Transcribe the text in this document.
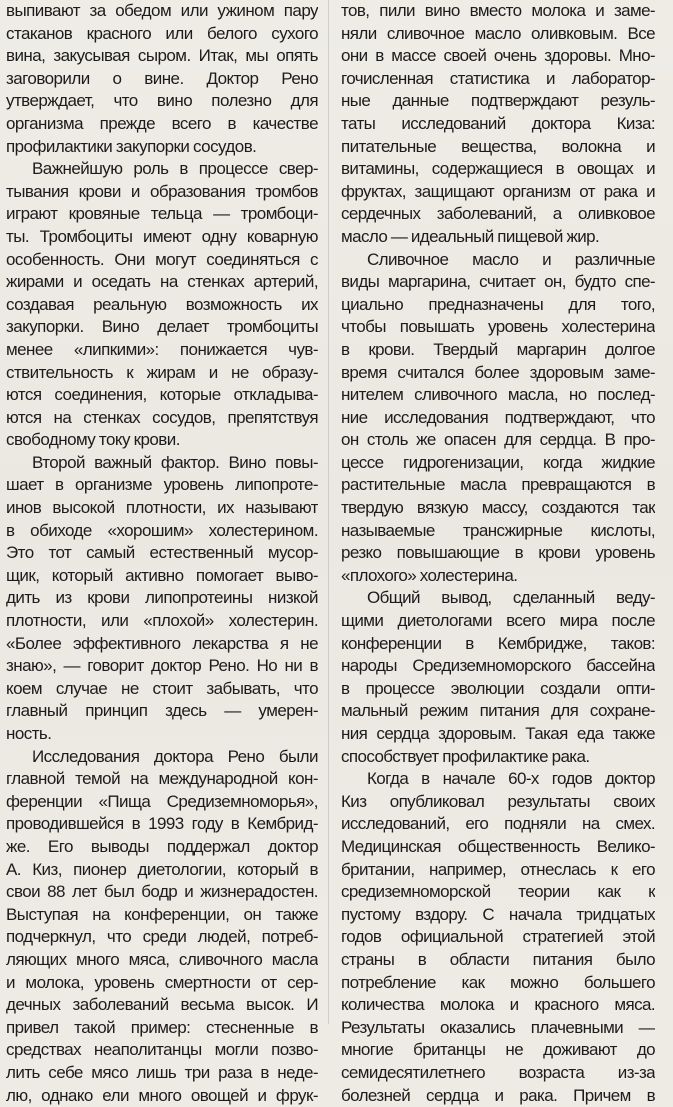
выпивают за обедом или ужином пару

стаканов красного или белого сухого

вина, закусывая сыром. Итак, мы опять

заговорили о вине. Доктор Рено

утверждает, что вино полезно для

организма прежде всего в качестве

профилактики закупорки сосудов.

Важнейшую роль в процессе свер-

тывания крови и образования тромбов

играют кровяные тельца — тромбоци-

ты. Тромбоциты имеют одну коварную

особенность. Они могут соединяться с

жирами и оседать на стенках артерий,

создавая реальную возможность их

закупорки. Вино делает тромбоциты

менее «липкими»: понижается чув-

ствительность к жирам и не образу-

ются соединения, которые откладыва-

ются на стенках сосудов, препятствуя

свободному току крови.

Второй важный фактор. Вино повы-

шает в организме уровень липопроте-

инов высокой плотности, их называют

в обиходе «хорошим» холестерином.

Это тот самый естественный мусор-

щик, который активно помогает выво-

дить из крови липопротеины низкой

плотности, или «плохой» холестерин.

«Более эффективного лекарства я не

знаю», — говорит доктор Рено. Но ни в

коем случае не стоит забывать, что

главный принцип здесь — умерен-

ность.

Исследования доктора Рено были

главной темой на международной кон-

ференции «Пища Средиземноморья»,

проводившейся в 1993 году в Кембрид-

же. Его выводы поддержал доктор

А. Киз, пионер диетологии, который в

свои 88 лет был бодр и жизнерадостен.

Выступая на конференции, он также

подчеркнул, что среди людей, потреб-

ляющих много мяса, сливочного масла

и молока, уровень смертности от сер-

дечных заболеваний весьма высок. И

привел такой пример: стесненные в

средствах неаполитанцы могли позво-

лить себе мясо лишь три раза в неде-

лю, однако ели много овощей и фрук-

тов, пили вино вместо молока и заме-

няли сливочное масло оливковым. Все

они в массе своей очень здоровы. Мно-

гочисленная статистика и лаборатор-

ные данные подтверждают резуль-

таты исследований доктора Киза:

питательные вещества, волокна и

витамины, содержащиеся в овощах и

фруктах, защищают организм от рака и

сердечных заболеваний, а оливковое

масло — идеальный пищевой жир.

Сливочное масло и различные

виды маргарина, считает он, будто спе-

циально предназначены для того,

чтобы повышать уровень холестерина

в крови. Твердый маргарин долгое

время считался более здоровым заме-

нителем сливочного масла, но послед-

ние исследования подтверждают, что

он столь же опасен для сердца. В про-

цессе гидрогенизации, когда жидкие

растительные масла превращаются в

твердую вязкую массу, создаются так

называемые трансжирные кислоты,

резко повышающие в крови уровень

«плохого» холестерина.

Общий вывод, сделанный веду-

щими диетологами всего мира после

конференции в Кембридже, таков:

народы Средиземноморского бассейна

в процессе эволюции создали опти-

мальный режим питания для сохране-

ния сердца здоровым. Такая еда также

способствует профилактике рака.

Когда в начале 60-х годов доктор

Киз опубликовал результаты своих

исследований, его подняли на смех.

Медицинская общественность Велико-

британии, например, отнеслась к его

средиземноморской теории как к

пустому вздору. С начала тридцатых

годов официальной стратегией этой

страны в области питания было

потребление как можно большего

количества молока и красного мяса.

Результаты оказались плачевными —

многие британцы не доживают до

семидесятилетнего возраста из-за

болезней сердца и рака. Причем в
